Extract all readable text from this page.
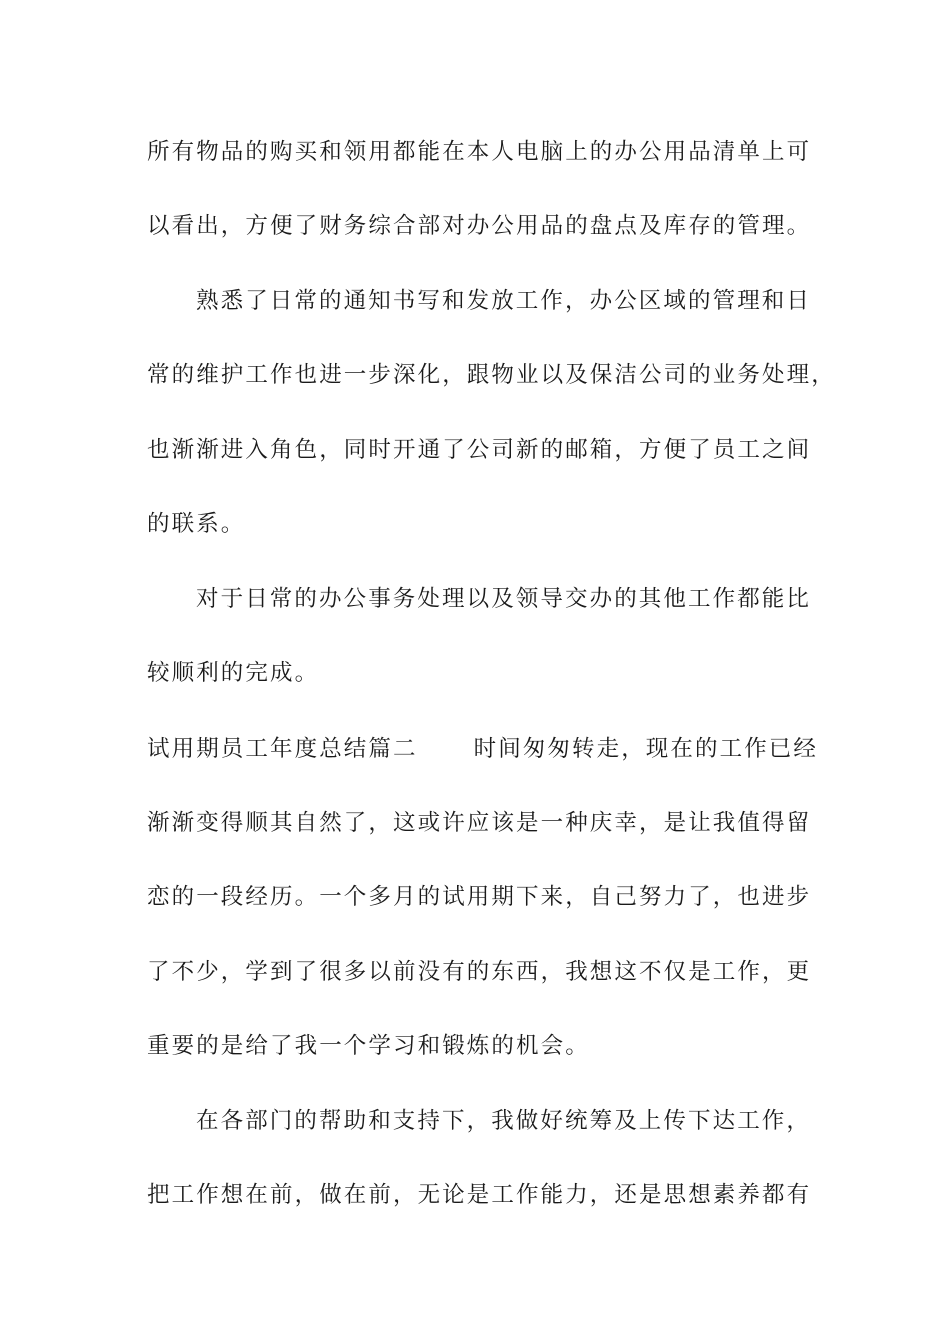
所有物品的购买和领用都能在本人电脑上的办公用品清单上可
以看出，方便了财务综合部对办公用品的盘点及库存的管理。
熟悉了日常的通知书写和发放工作，办公区域的管理和日
常的维护工作也进一步深化，跟物业以及保洁公司的业务处理，
也渐渐进入角色，同时开通了公司新的邮箱，方便了员工之间
的联系。
对于日常的办公事务处理以及领导交办的其他工作都能比
较顺利的完成。
试用期员工年度总结篇二 时间匆匆转走，现在的工作已经
渐渐变得顺其自然了，这或许应该是一种庆幸，是让我值得留
恋的一段经历。一个多月的试用期下来，自己努力了，也进步
了不少，学到了很多以前没有的东西，我想这不仅是工作，更
重要的是给了我一个学习和锻炼的机会。
在各部门的帮助和支持下，我做好统筹及上传下达工作，
把工作想在前，做在前，无论是工作能力，还是思想素养都有
